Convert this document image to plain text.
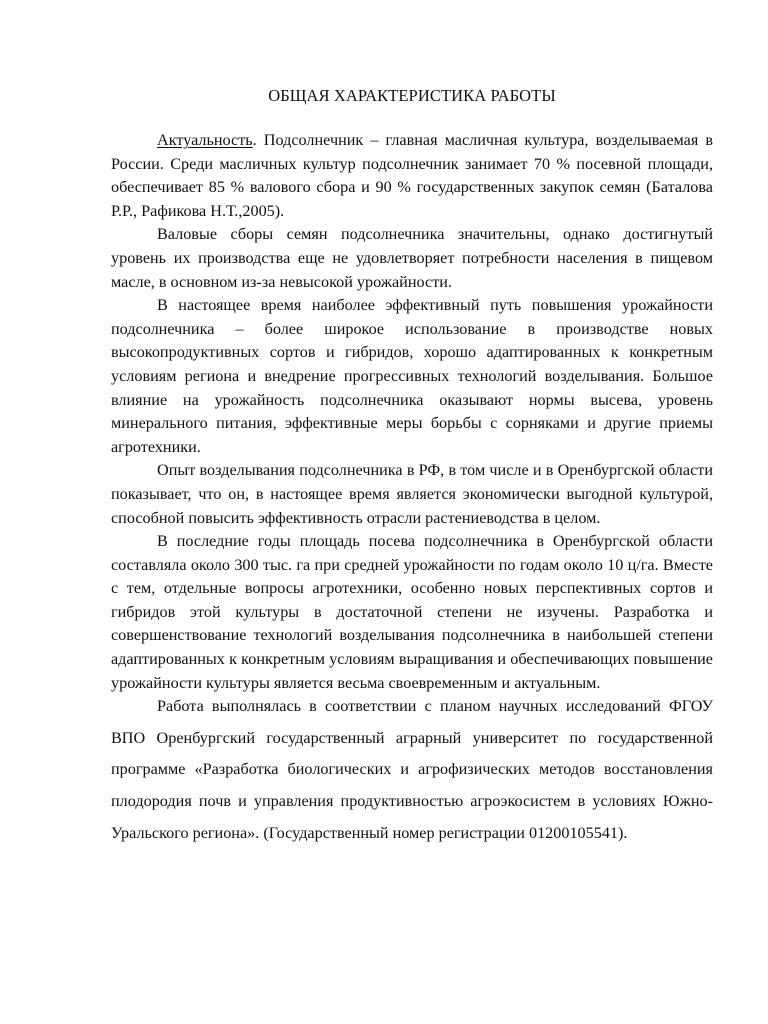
ОБЩАЯ ХАРАКТЕРИСТИКА РАБОТЫ

Актуальность. Подсолнечник – главная масличная культура, возделываемая в России. Среди масличных культур подсолнечник занимает 70 % посевной площади, обеспечивает 85 % валового сбора и 90 % государственных закупок семян (Баталова Р.Р., Рафикова Н.Т.,2005).

Валовые сборы семян подсолнечника значительны, однако достигнутый уровень их производства еще не удовлетворяет потребности населения в пищевом масле, в основном из-за невысокой урожайности.

В настоящее время наиболее эффективный путь повышения урожайности подсолнечника – более широкое использование в производстве новых высокопродуктивных сортов и гибридов, хорошо адаптированных к конкретным условиям региона и внедрение прогрессивных технологий возделывания. Большое влияние на урожайность подсолнечника оказывают нормы высева, уровень минерального питания, эффективные меры борьбы с сорняками и другие приемы агротехники.

Опыт возделывания подсолнечника в РФ, в том числе и в Оренбургской области показывает, что он, в настоящее время является экономически выгодной культурой, способной повысить эффективность отрасли растениеводства в целом.

В последние годы площадь посева подсолнечника в Оренбургской области составляла около 300 тыс. га при средней урожайности по годам около 10 ц/га. Вместе с тем, отдельные вопросы агротехники, особенно новых перспективных сортов и гибридов этой культуры в достаточной степени не изучены. Разработка и совершенствование технологий возделывания подсолнечника в наибольшей степени адаптированных к конкретным условиям выращивания и обеспечивающих повышение урожайности культуры является весьма своевременным и актуальным.

Работа выполнялась в соответствии с планом научных исследований ФГОУ ВПО Оренбургский государственный аграрный университет по государственной программе «Разработка биологических и агрофизических методов восстановления плодородия почв и управления продуктивностью агроэкосистем в условиях Южно-Уральского региона». (Государственный номер регистрации 01200105541).
